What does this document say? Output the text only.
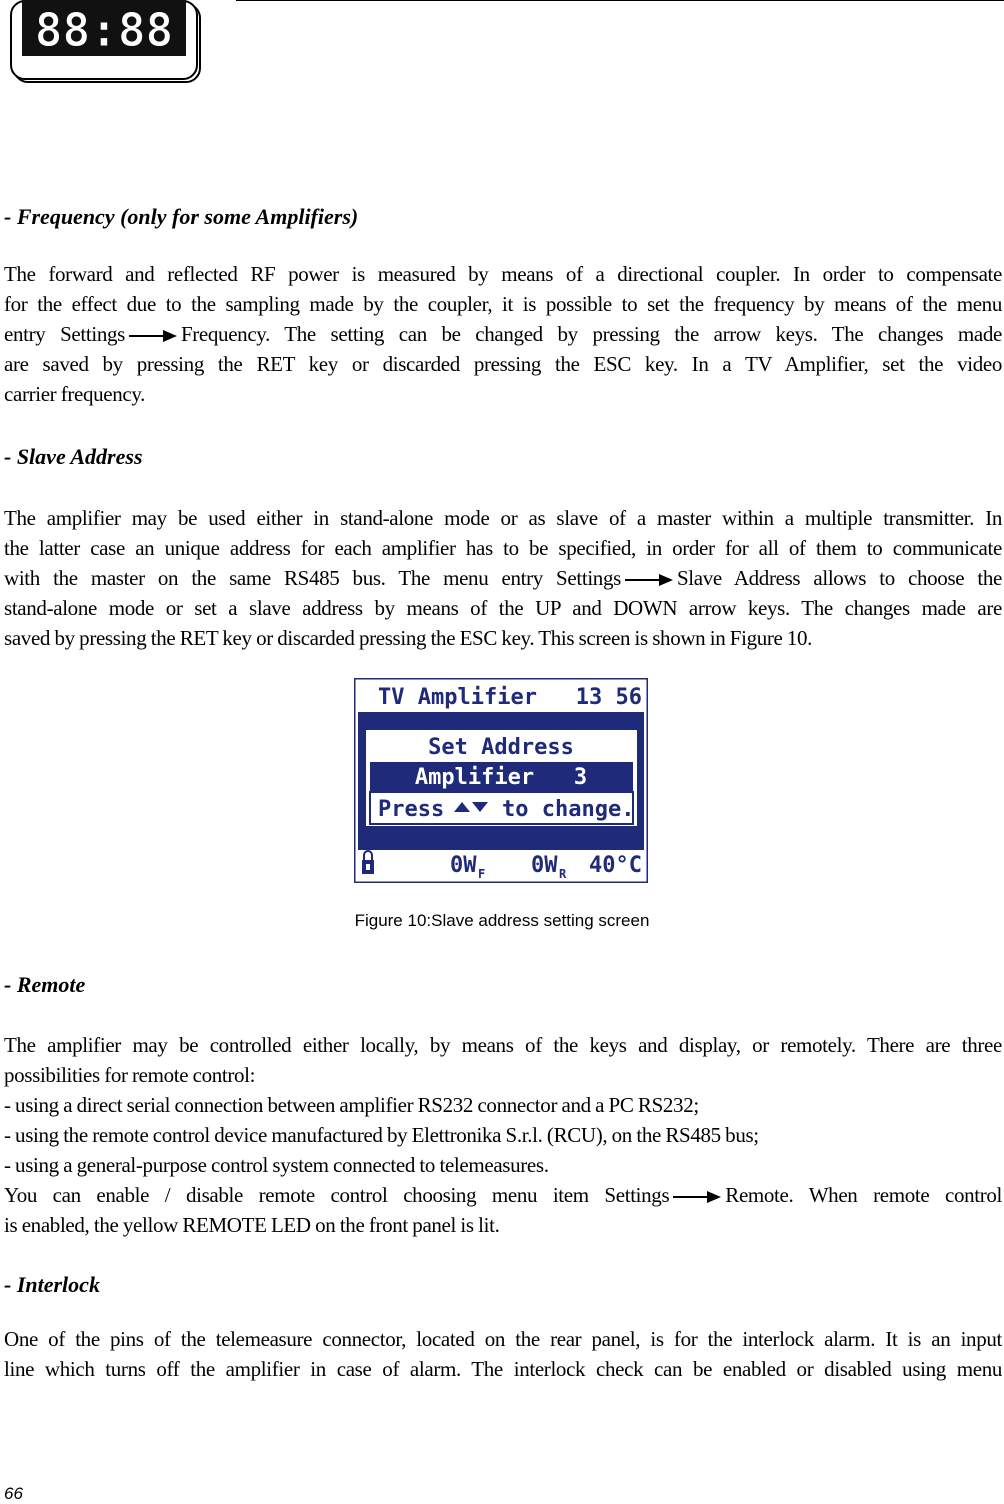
88:88
- Frequency (only for some Amplifiers)
The forward and reflected RF power is measured by means of a directional coupler. In order to compensate
for the effect due to the sampling made by the coupler, it is possible to set the frequency by means of the menu
entry Settings	Frequency. The setting can be changed by pressing the arrow keys. The changes made
are saved by pressing the RET key or discarded pressing the ESC key. In a TV Amplifier, set the video
carrier frequency.
- Slave Address
The amplifier may be used either in stand-alone mode or as slave of a master within a multiple transmitter. In
the latter case an unique address for each amplifier has to be specified, in order for all of them to communicate
with the master on the same RS485 bus. The menu entry Settings	Slave Address allows to choose the
stand-alone mode or set a slave address by means of the UP and DOWN arrow keys. The changes made are
saved by pressing the RET key or discarded pressing the ESC key. This screen is shown in Figure 10.
TV Amplifier 13 56
Set Address
Amplifier   3
Press	to change.
0W F 0W R 40°C
Figure 10:Slave address setting screen
- Remote
The amplifier may be controlled either locally, by means of the keys and display, or remotely. There are three
possibilities for remote control:
- using a direct serial connection between amplifier RS232 connector and a PC RS232;
- using the remote control device manufactured by Elettronika S.r.l. (RCU), on the RS485 bus;
- using a general-purpose control system connected to telemeasures.
You can enable / disable remote control choosing menu item Settings	Remote. When remote control
is enabled, the yellow REMOTE LED on the front panel is lit.
- Interlock
One of the pins of the telemeasure connector, located on the rear panel, is for the interlock alarm. It is an input
line which turns off the amplifier in case of alarm. The interlock check can be enabled or disabled using menu
66
